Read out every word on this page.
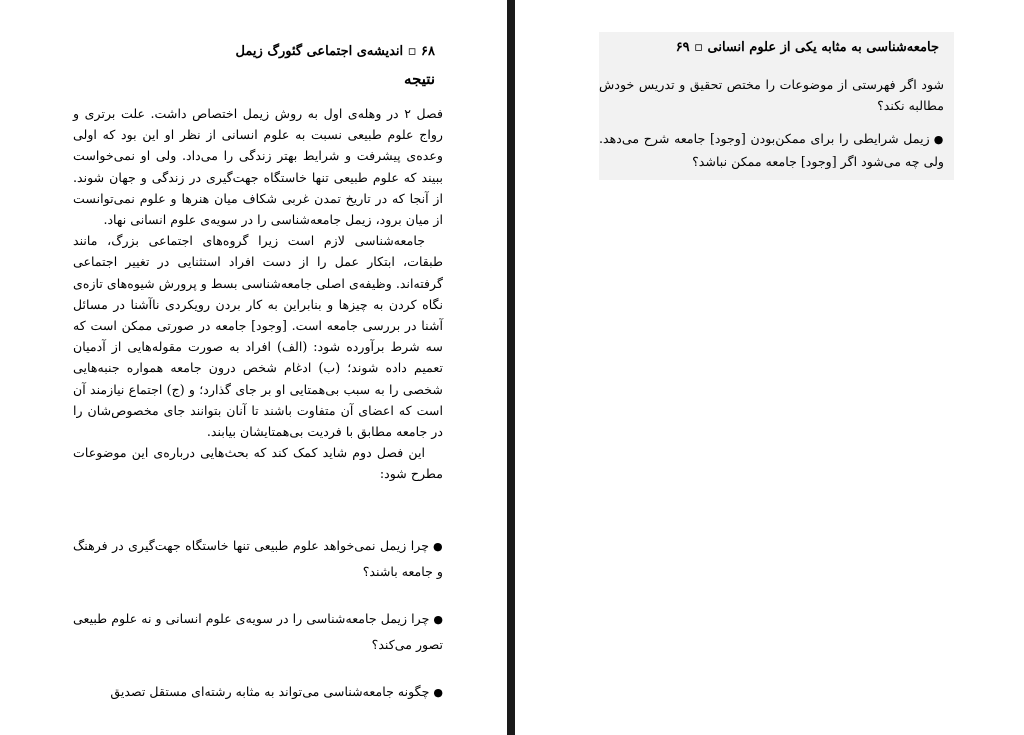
۶۸ ▫ اندیشه‌ی اجتماعی گئورگ زیمل
نتیجه

فصل ۲ در وهله‌ی اول به روش زیمل اختصاص داشت. علت برتری و رواج علوم طبیعی نسبت به علوم انسانی از نظر او این بود که اولی وعده‌ی پیشرفت و شرایط بهتر زندگی را می‌داد. ولی او نمی‌خواست ببیند که علوم طبیعی تنها خاستگاه جهت‌گیری در زندگی و جهان شوند. از آنجا که در تاریخ تمدن غربی شکاف میان هنرها و علوم نمی‌توانست از میان برود، زیمل جامعه‌شناسی را در سویه‌ی علوم انسانی نهاد.

جامعه‌شناسی لازم است زیرا گروه‌های اجتماعی بزرگ، مانند طبقات، ابتکار عمل را از دست افراد استثنایی در تغییر اجتماعی گرفته‌اند. وظیفه‌ی اصلی جامعه‌شناسی بسط و پرورش شیوه‌های تازه‌ی نگاه کردن به چیزها و بنابراین به کار بردن رویکردی ناآشنا در مسائل آشنا در بررسی جامعه است. [وجود] جامعه در صورتی ممکن است که سه شرط برآورده شود: (الف) افراد به صورت مقوله‌هایی از آدمیان تعمیم داده شوند؛ (ب) ادغام شخص درون جامعه همواره جنبه‌هایی شخصی را به سبب بی‌همتایی او بر جای گذارد؛ و (ج) اجتماع نیازمند آن است که اعضای آن متفاوت باشند تا آنان بتوانند جای مخصوص‌شان را در جامعه مطابق با فردیت بی‌همتایشان بیابند.

این فصل دوم شاید کمک کند که بحث‌هایی درباره‌ی این موضوعات مطرح شود:

●چرا زیمل نمی‌خواهد علوم طبیعی تنها خاستگاه جهت‌گیری در فرهنگ و جامعه باشند؟
●چرا زیمل جامعه‌شناسی را در سویه‌ی علوم انسانی و نه علوم طبیعی تصور می‌کند؟
●چگونه جامعه‌شناسی می‌تواند به مثابه رشته‌ای مستقل تصدیق
جامعه‌شناسی به مثابه یکی از علوم انسانی ▫ ۶۹
شود اگر فهرستی از موضوعات را مختص تحقیق و تدریس خودش مطالبه نکند؟
●زیمل شرایطی را برای ممکن‌بودن [وجود] جامعه شرح می‌دهد. ولی چه می‌شود اگر [وجود] جامعه ممکن نباشد؟
